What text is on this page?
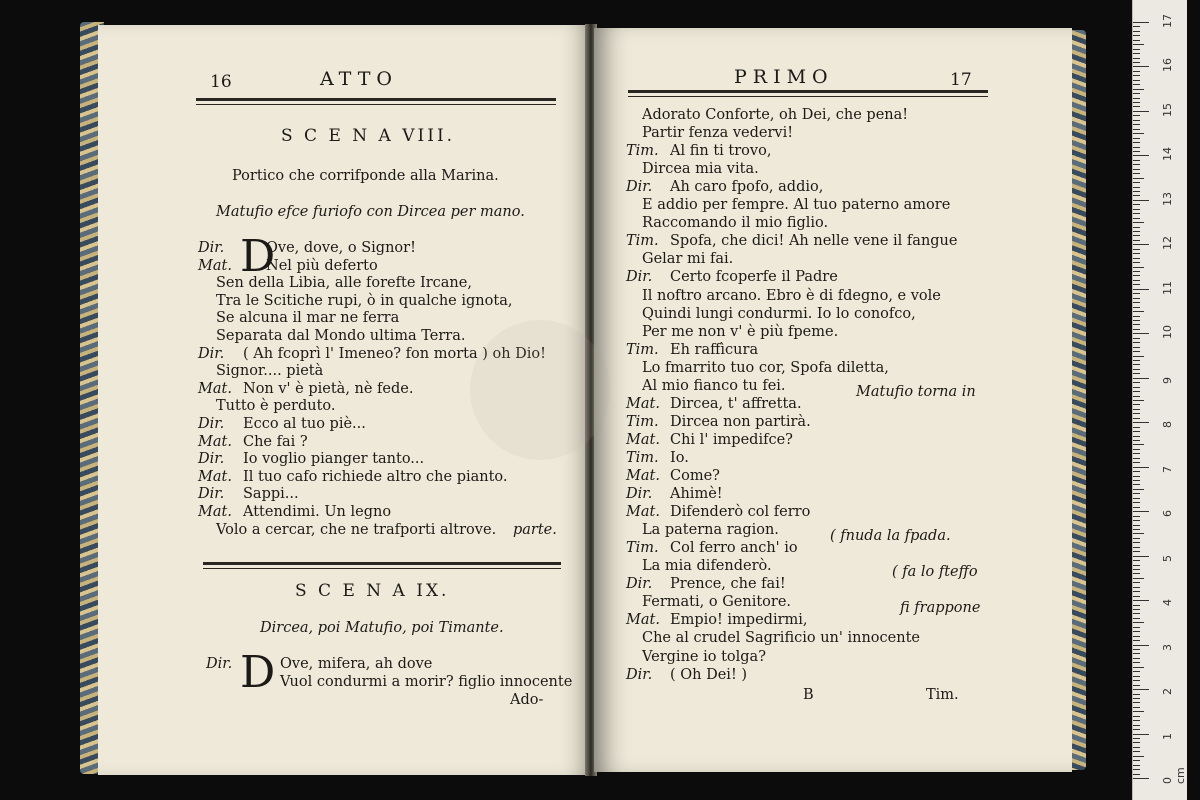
16	ATTO
S C E N A VIII.
Portico che corrifponde alla Marina.
Matufio efce furiofo con Dircea per mano.
D
Dir.	Ove, dove, o Signor!
Mat. Nel più deferto
Sen della Libia, alle forefte Ircane,
Tra le Scitiche rupi, ò in qualche ignota,
Se alcuna il mar ne ferra
Separata dal Mondo ultima Terra.
Dir. ( Ah fcoprì l' Imeneo? fon morta ) oh Dio!
Signor.... pietà
Mat. Non v' è pietà, nè fede.
Tutto è perduto.
Dir. Ecco al tuo piè...
Mat. Che fai ?
Dir. Io voglio pianger tanto...
Mat. Il tuo cafo richiede altro che pianto.
Dir. Sappi...
Mat. Attendimi. Un legno
Volo a cercar, che ne trafporti altrove. parte.
S C E N A IX.
Dircea, poi Matufio, poi Timante.
D
Dir.	Ove, mifera, ah dove
Vuol condurmi a morir? figlio innocente
Ado-
PRIMO	17
Adorato Conforte, oh Dei, che pena!
Partir fenza vedervi!
Tim. Al fin ti trovo,
Dircea mia vita.
Dir. Ah caro fpofo, addio,
E addio per fempre. Al tuo paterno amore
Raccomando il mio figlio.
Tim. Spofa, che dici! Ah nelle vene il fangue
Gelar mi fai.
Dir. Certo fcoperfe il Padre
Il noftro arcano. Ebro è di fdegno, e vole
Quindi lungi condurmi. Io lo conofco,
Per me non v' è più fpeme.
Tim. Eh raffìcura
Lo fmarrito tuo cor, Spofa diletta,
Al mio fianco tu fei.
Mat. Dircea, t' affretta.
Tim. Dircea non partirà.
Mat. Chi l' impedifce?
Tim. Io.
Mat. Come?
Dir. Ahimè!
Mat. Difenderò col ferro
La paterna ragion.
Tim. Col ferro anch' io
La mia difenderò.
Dir. Prence, che fai!
Fermati, o Genitore.
Mat. Empio! impedirmi,
Che al crudel Sagrificio un' innocente
Vergine io tolga?
Dir. ( Oh Dei! )
Matufio torna in
( fnuda la fpada.
( fa lo fteffo
fi frappone
B	Tim.
17
16
15
14
13
12
11
10
9
8
7
6
5
4
3
2
1
0 cm
